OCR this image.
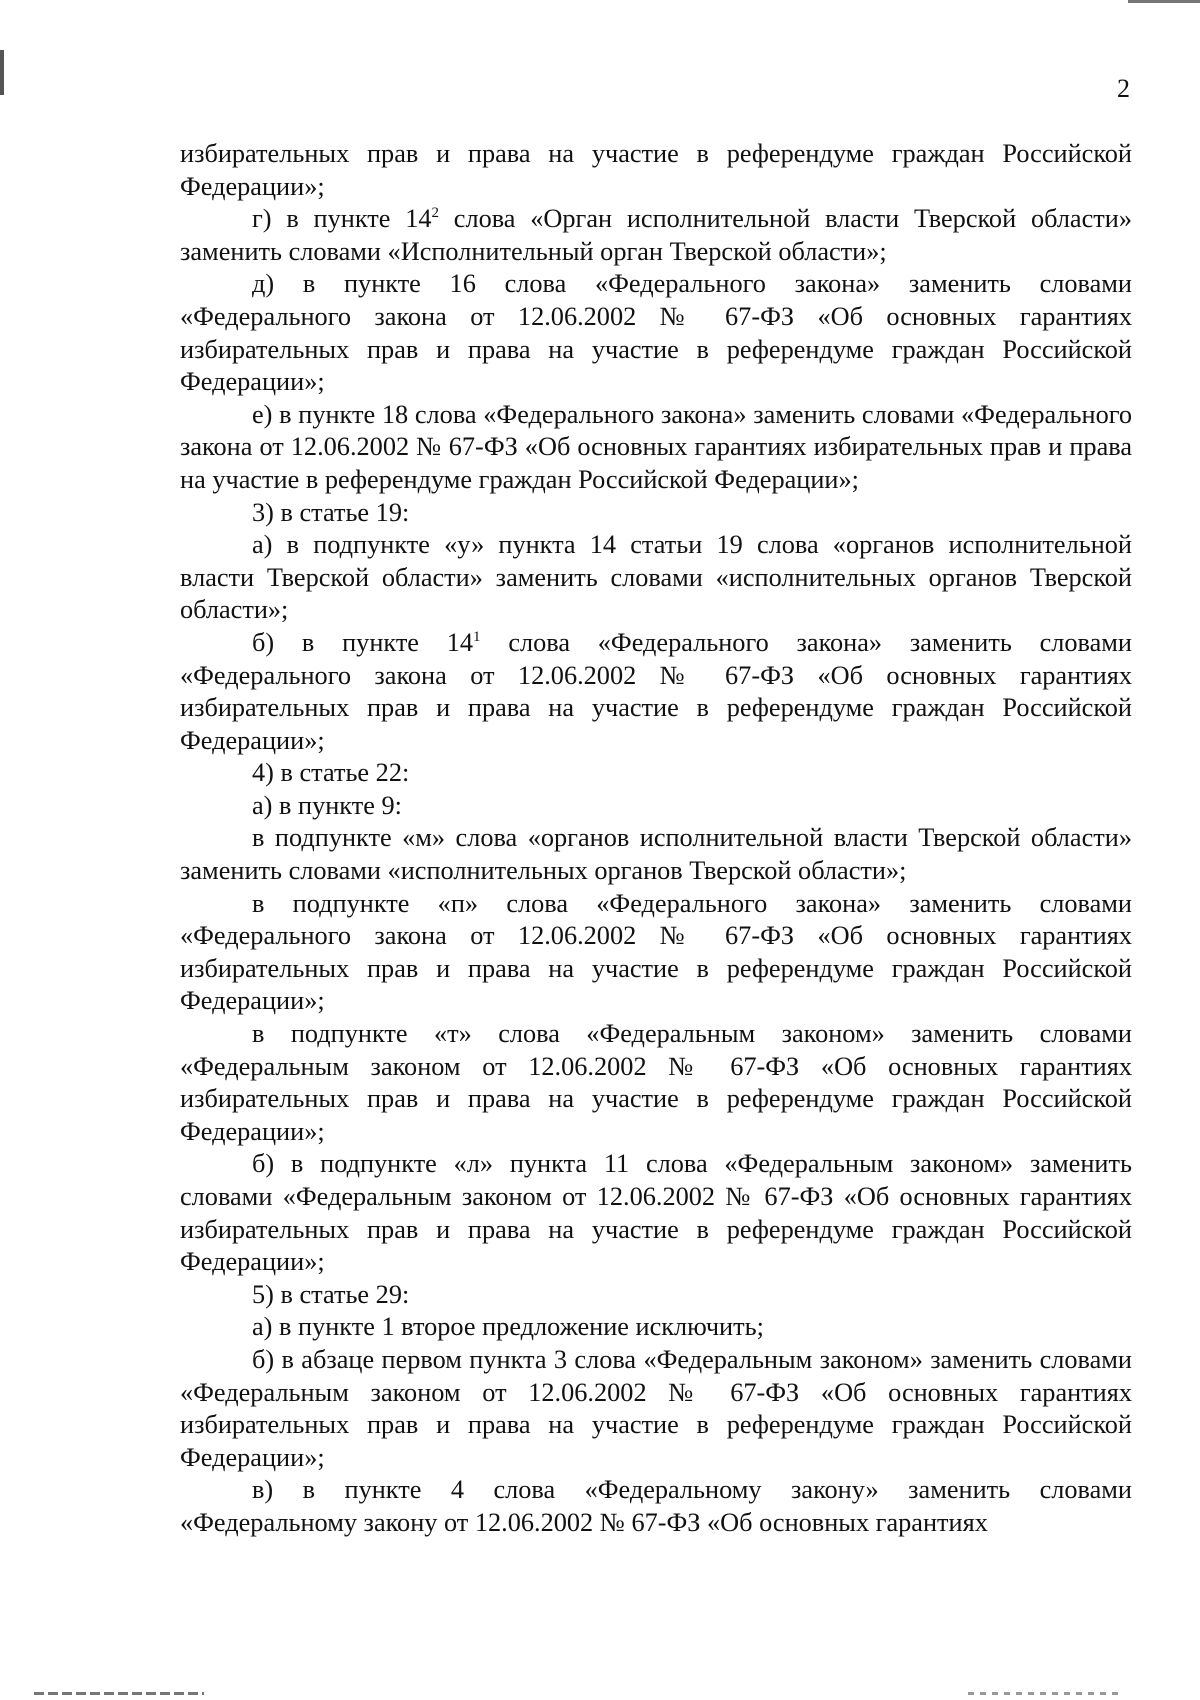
2

избирательных прав и права на участие в референдуме граждан Российской Федерации»;

г) в пункте $14^2$ слова «Орган исполнительной власти Тверской области» заменить словами «Исполнительный орган Тверской области»;

д) в пункте 16 слова «Федерального закона» заменить словами «Федерального закона от 12.06.2002 № 67-ФЗ «Об основных гарантиях избирательных прав и права на участие в референдуме граждан Российской Федерации»;

е) в пункте 18 слова «Федерального закона» заменить словами «Федерального закона от 12.06.2002 № 67-ФЗ «Об основных гарантиях избирательных прав и права на участие в референдуме граждан Российской Федерации»;

3) в статье 19:

а) в подпункте «у» пункта 14 статьи 19 слова «органов исполнительной власти Тверской области» заменить словами «исполнительных органов Тверской области»;

б) в пункте $14^1$ слова «Федерального закона» заменить словами «Федерального закона от 12.06.2002 № 67-ФЗ «Об основных гарантиях избирательных прав и права на участие в референдуме граждан Российской Федерации»;

4) в статье 22:

а) в пункте 9:

в подпункте «м» слова «органов исполнительной власти Тверской области» заменить словами «исполнительных органов Тверской области»;

в подпункте «п» слова «Федерального закона» заменить словами «Федерального закона от 12.06.2002 № 67-ФЗ «Об основных гарантиях избирательных прав и права на участие в референдуме граждан Российской Федерации»;

в подпункте «т» слова «Федеральным законом» заменить словами «Федеральным законом от 12.06.2002 № 67-ФЗ «Об основных гарантиях избирательных прав и права на участие в референдуме граждан Российской Федерации»;

б) в подпункте «л» пункта 11 слова «Федеральным законом» заменить словами «Федеральным законом от 12.06.2002 № 67-ФЗ «Об основных гарантиях избирательных прав и права на участие в референдуме граждан Российской Федерации»;

5) в статье 29:

а) в пункте 1 второе предложение исключить;

б) в абзаце первом пункта 3 слова «Федеральным законом» заменить словами «Федеральным законом от 12.06.2002 № 67-ФЗ «Об основных гарантиях избирательных прав и права на участие в референдуме граждан Российской Федерации»;

в) в пункте 4 слова «Федеральному закону» заменить словами «Федеральному закону от 12.06.2002 № 67-ФЗ «Об основных гарантиях
